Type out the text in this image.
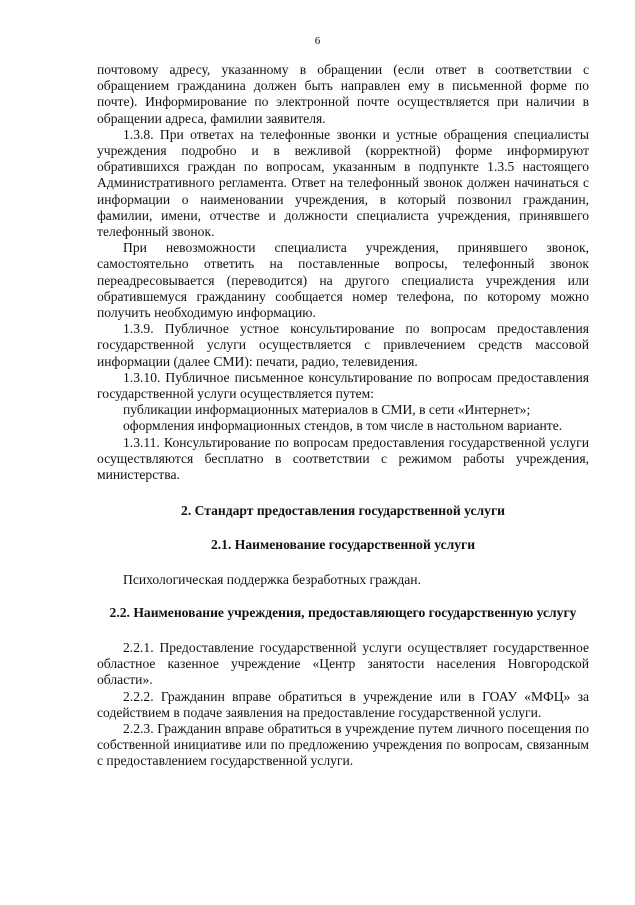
6

почтовому адресу, указанному в обращении (если ответ в соответствии с обращением гражданина должен быть направлен ему в письменной форме по почте). Информирование по электронной почте осуществляется при наличии в обращении адреса, фамилии заявителя.

1.3.8. При ответах на телефонные звонки и устные обращения специалисты учреждения подробно и в вежливой (корректной) форме информируют обратившихся граждан по вопросам, указанным в подпункте 1.3.5 настоящего Административного регламента. Ответ на телефонный звонок должен начинаться с информации о наименовании учреждения, в который позвонил гражданин, фамилии, имени, отчестве и должности специалиста учреждения, принявшего телефонный звонок.

При невозможности специалиста учреждения, принявшего звонок, самостоятельно ответить на поставленные вопросы, телефонный звонок переадресовывается (переводится) на другого специалиста учреждения или обратившемуся гражданину сообщается номер телефона, по которому можно получить необходимую информацию.

1.3.9. Публичное устное консультирование по вопросам предоставления государственной услуги осуществляется с привлечением средств массовой информации (далее СМИ): печати, радио, телевидения.

1.3.10. Публичное письменное консультирование по вопросам предоставления государственной услуги осуществляется путем:

публикации информационных материалов в СМИ, в сети «Интернет»;

оформления информационных стендов, в том числе в настольном варианте.

1.3.11. Консультирование по вопросам предоставления государственной услуги осуществляются бесплатно в соответствии с режимом работы учреждения, министерства.

2. Стандарт предоставления государственной услуги

2.1. Наименование государственной услуги

Психологическая поддержка безработных граждан.

2.2. Наименование учреждения, предоставляющего государственную услугу

2.2.1. Предоставление государственной услуги осуществляет государственное областное казенное учреждение «Центр занятости населения Новгородской области».

2.2.2. Гражданин вправе обратиться в учреждение или в ГОАУ «МФЦ» за содействием в подаче заявления на предоставление государственной услуги.

2.2.3. Гражданин вправе обратиться в учреждение путем личного посещения по собственной инициативе или по предложению учреждения по вопросам, связанным с предоставлением государственной услуги.
